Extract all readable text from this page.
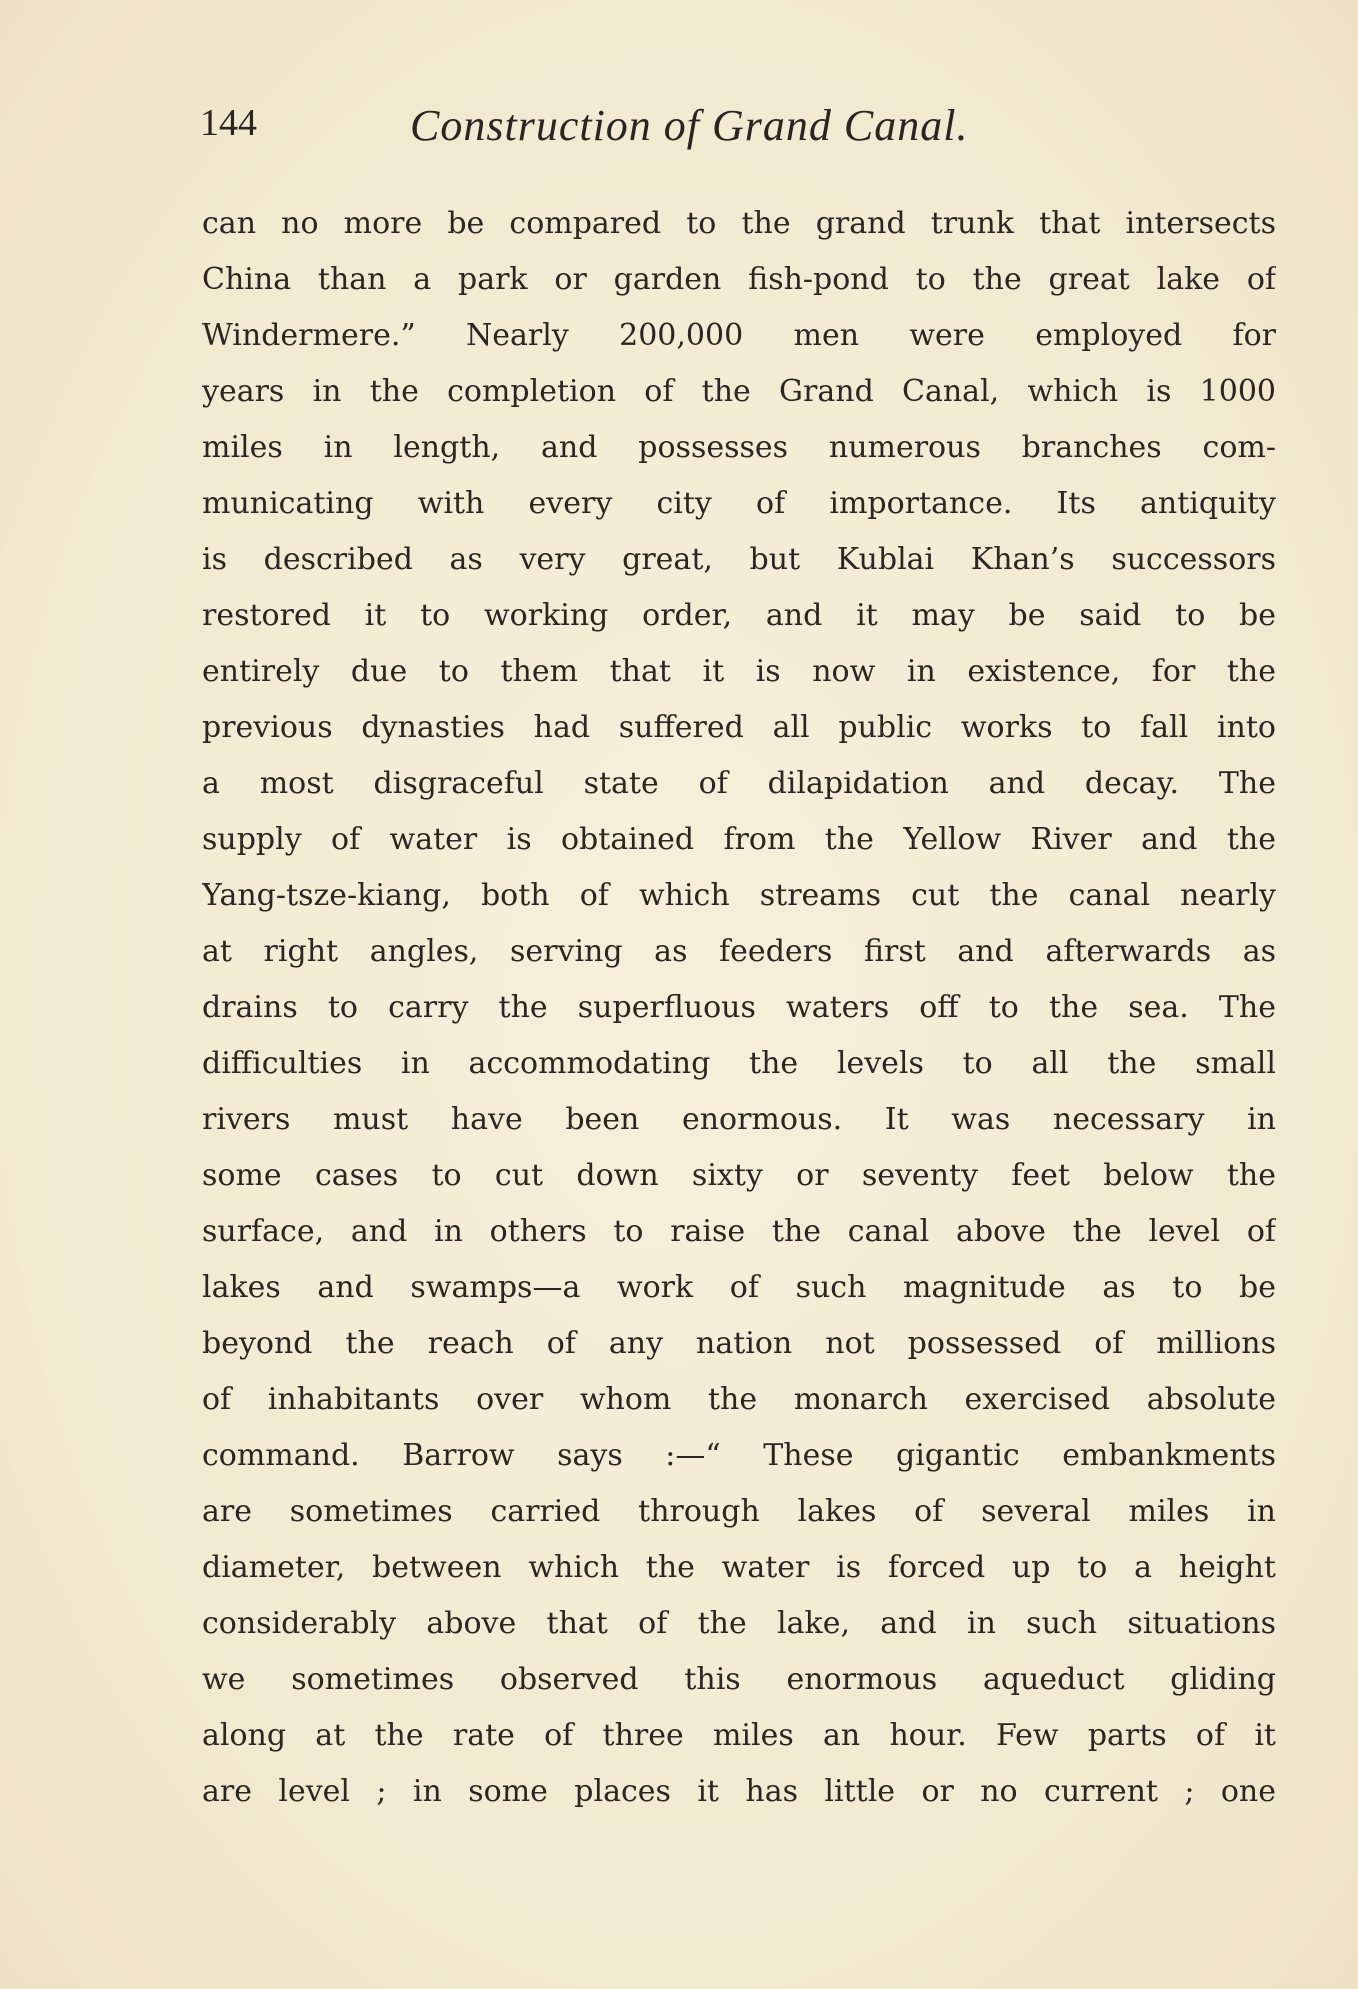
144	Construction of Grand Canal.
can no more be compared to the grand trunk that intersects
China than a park or garden fish-pond to the great lake of
Windermere.” Nearly 200,000 men were employed for
years in the completion of the Grand Canal, which is 1000
miles in length, and possesses numerous branches com-
municating with every city of importance. Its antiquity
is described as very great, but Kublai Khan’s successors
restored it to working order, and it may be said to be
entirely due to them that it is now in existence, for the
previous dynasties had suffered all public works to fall into
a most disgraceful state of dilapidation and decay. The
supply of water is obtained from the Yellow River and the
Yang-tsze-kiang, both of which streams cut the canal nearly
at right angles, serving as feeders first and afterwards as
drains to carry the superfluous waters off to the sea. The
difficulties in accommodating the levels to all the small
rivers must have been enormous. It was necessary in
some cases to cut down sixty or seventy feet below the
surface, and in others to raise the canal above the level of
lakes and swamps—a work of such magnitude as to be
beyond the reach of any nation not possessed of millions
of inhabitants over whom the monarch exercised absolute
command. Barrow says :—“ These gigantic embankments
are sometimes carried through lakes of several miles in
diameter, between which the water is forced up to a height
considerably above that of the lake, and in such situations
we sometimes observed this enormous aqueduct gliding
along at the rate of three miles an hour. Few parts of it
are level ; in some places it has little or no current ; one
